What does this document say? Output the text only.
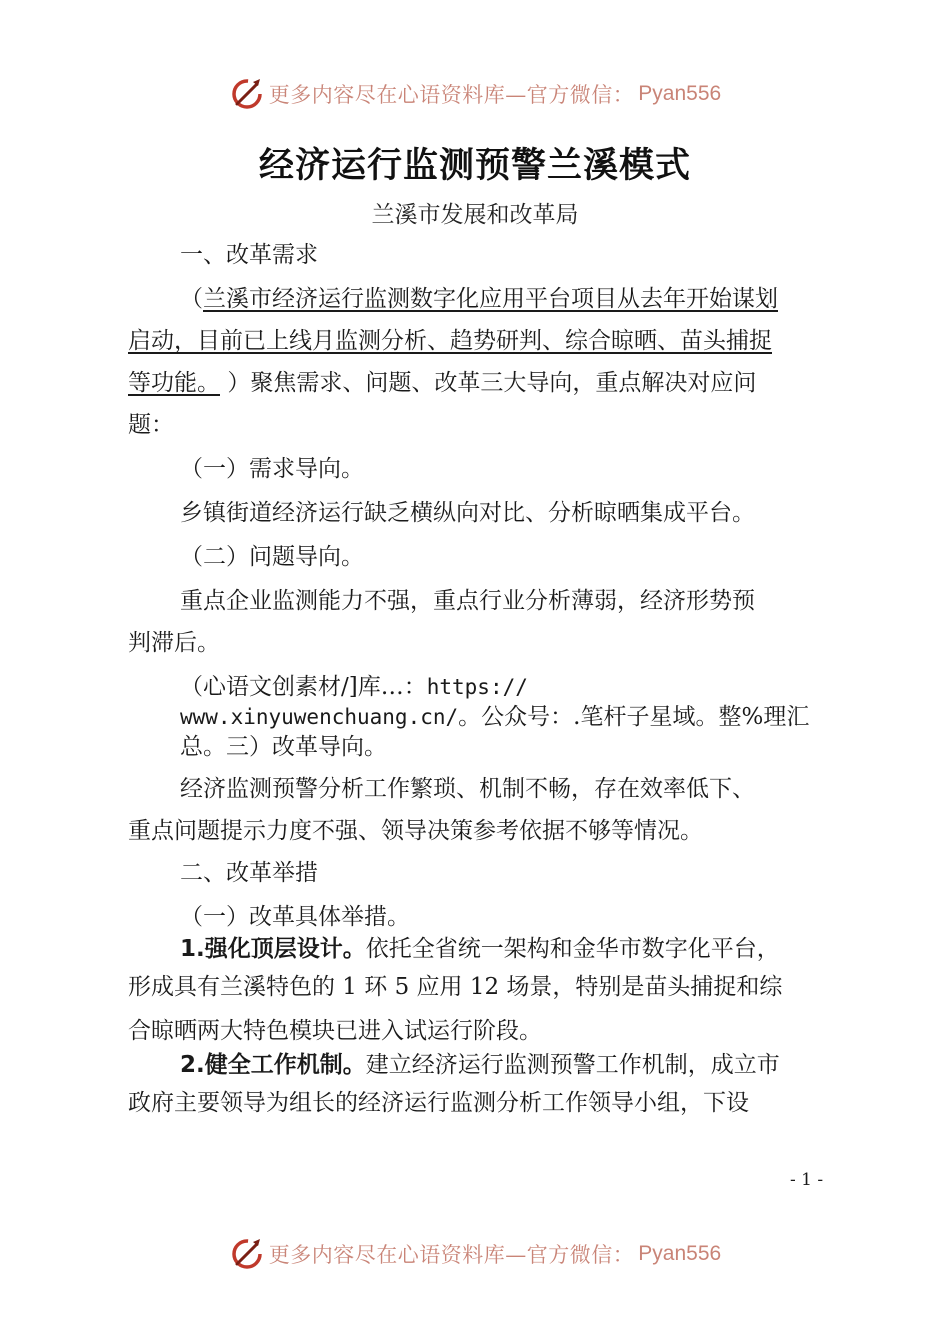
更多内容尽在心语资料库—官方微信： Pyan556
经济运行监测预警兰溪模式
兰溪市发展和改革局
一、改革需求
（兰溪市经济运行监测数字化应用平台项目从去年开始谋划
启动，目前已上线月监测分析、趋势研判、综合晾晒、苗头捕捉
等功能。 ）聚焦需求、问题、改革三大导向，重点解决对应问
题：
（一）需求导向。
乡镇街道经济运行缺乏横纵向对比、分析晾晒集成平台。
（二）问题导向。
重点企业监测能力不强，重点行业分析薄弱，经济形势预
判滞后。
（心语文创素材/]库…：https://
www.xinyuwenchuang.cn/。公众号：.笔杆子星域。整%理汇
总。三）改革导向。
经济监测预警分析工作繁琐、机制不畅，存在效率低下、
重点问题提示力度不强、领导决策参考依据不够等情况。
二、改革举措
（一）改革具体举措。
1.强化顶层设计。依托全省统一架构和金华市数字化平台，
形成具有兰溪特色的 1 环 5 应用 12 场景，特别是苗头捕捉和综
合晾晒两大特色模块已进入试运行阶段。
2.健全工作机制。建立经济运行监测预警工作机制，成立市
政府主要领导为组长的经济运行监测分析工作领导小组，下设
- 1 -
更多内容尽在心语资料库—官方微信： Pyan556
